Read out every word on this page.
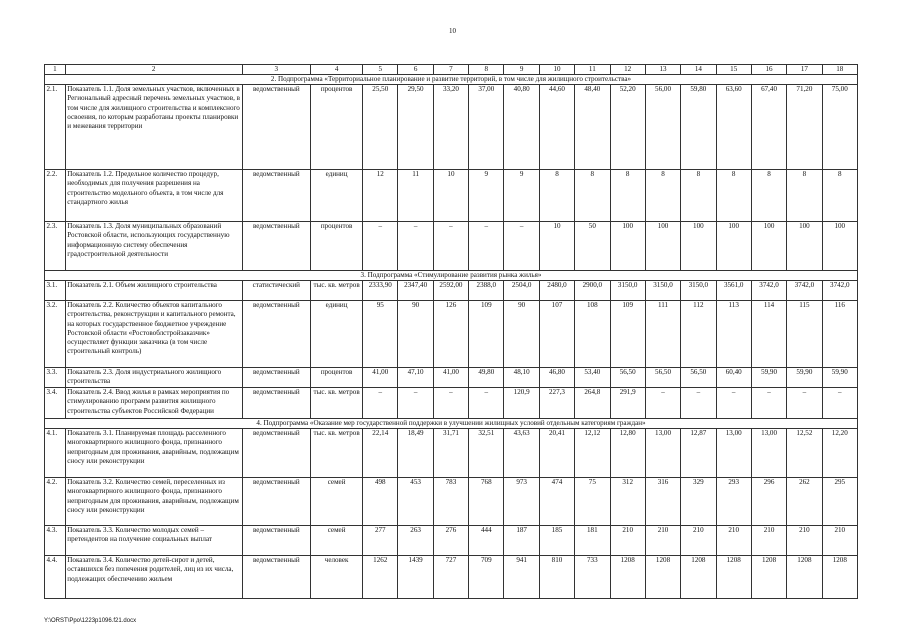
10
1	2	3	4	5	6	7	8	9	10	11	12	13	14	15	16	17	18
2. Подпрограмма «Территориальное планирование и развитие территорий, в том числе для жилищного строительства»																	
2.1.	Показатель 1.1. Доля земельных участков, включенных в Региональный адресный перечень земельных участков, в том числе для жилищного строительства и комплексного освоения, по которым разработаны проекты планировки и межевания территории	ведомственный	процентов	25,50	29,50	33,20	37,00	40,80	44,60	48,40	52,20	56,00	59,80	63,60	67,40	71,20	75,00
2.2.	Показатель 1.2. Предельное количество процедур, необходимых для получения разрешения на строительство модельного объекта, в том числе для стандартного жилья	ведомственный	единиц	12	11	10	9	9	8	8	8	8	8	8	8	8	8
2.3.	Показатель 1.3. Доля муниципальных образований Ростовской области, использующих государственную информационную систему обеспечения градостроительной деятельности	ведомственный	процентов	–	–	–	–	–	10	50	100	100	100	100	100	100	100
3. Подпрограмма «Стимулирование развития рынка жилья»																	
3.1.	Показатель 2.1. Объем жилищного строительства	статистический	тыс. кв. метров	2333,90	2347,40	2592,00	2388,0	2504,0	2480,0	2900,0	3150,0	3150,0	3150,0	3561,0	3742,0	3742,0	3742,0
3.2.	Показатель 2.2. Количество объектов капитального строительства, реконструкции и капитального ремонта, на которых государственное бюджетное учреждение Ростовской области «Ростовоблстройзаказчик» осуществляет функции заказчика (в том числе строительный контроль)	ведомственный	единиц	95	90	126	109	90	107	108	109	111	112	113	114	115	116
3.3.	Показатель 2.3. Доля индустриального жилищного строительства	ведомственный	процентов	41,00	47,10	41,00	49,80	48,10	46,80	53,40	56,50	56,50	56,50	60,40	59,90	59,90	59,90
3.4.	Показатель 2.4. Ввод жилья в рамках мероприятия по стимулированию программ развития жилищного строительства субъектов Российской Федерации	ведомственный	тыс. кв. метров	–	–	–	–	120,9	227,3	264,8	291,9	–	–	–	–	–	–
4. Подпрограмма «Оказание мер государственной поддержки в улучшении жилищных условий отдельным категориям граждан»																	
4.1.	Показатель 3.1. Планируемая площадь расселенного многоквартирного жилищного фонда, признанного непригодным для проживания, аварийным, подлежащим сносу или реконструкции	ведомственный	тыс. кв. метров	22,14	18,49	31,71	32,51	43,63	20,41	12,12	12,80	13,00	12,87	13,00	13,00	12,52	12,20
4.2.	Показатель 3.2. Количество семей, переселенных из многоквартирного жилищного фонда, признанного непригодным для проживания, аварийным, подлежащим сносу или реконструкции	ведомственный	семей	498	453	783	768	973	474	75	312	316	329	293	296	262	295
4.3.	Показатель 3.3. Количество молодых семей – претендентов на получение социальных выплат	ведомственный	семей	277	263	276	444	187	185	181	210	210	210	210	210	210	210
4.4.	Показатель 3.4. Количество детей-сирот и детей, оставшихся без попечения родителей, лиц из их числа, подлежащих обеспечению жильем	ведомственный	человек	1262	1439	727	709	941	810	733	1208	1208	1208	1208	1208	1208	1208
Y:\ORST\Ppo\1223p1096.f21.docx
